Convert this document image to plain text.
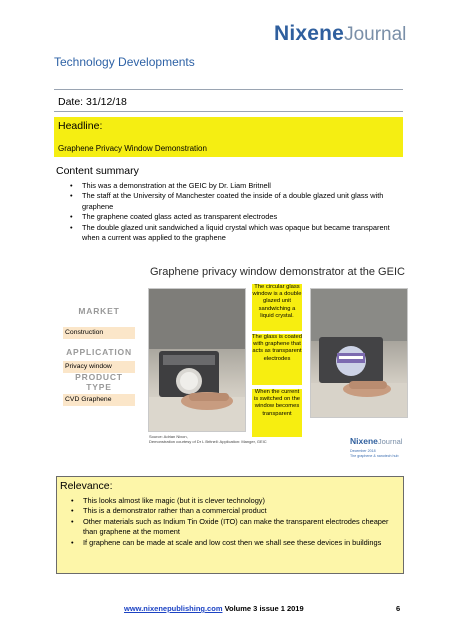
NixeneJournal
Technology Developments
Date: 31/12/18
Headline:
Graphene Privacy Window Demonstration
Content summary
• This was a demonstration at the GEIC by Dr. Liam Britnell
• The staff at the University of Manchester coated the inside of a double glazed unit glass with graphene
• The graphene coated glass acted as transparent electrodes
• The double glazed unit sandwiched a liquid crystal which was opaque but became transparent when a current was applied to the graphene
Graphene privacy window demonstrator at the GEIC
The circular glass window is a double glazed unit sandwiching a liquid crystal.
The glass is coated with graphene that acts as transparent electrodes
When the current is switched on the window becomes transparent
MARKET
Construction
APPLICATION
Privacy window
PRODUCT TYPE
CVD Graphene
Source: Adrian Nixon,
Demonstration courtesy of Dr L Britnell: Application: Manger, GEIC	NixeneJournal
December 2018
The graphene & nanotech hub
Relevance:
• This looks almost like magic (but it is clever technology)
• This is a demonstrator rather than a commercial product
• Other materials such as Indium Tin Oxide (ITO) can make the transparent electrodes cheaper than graphene at the moment
• If graphene can be made at scale and low cost then we shall see these devices in buildings
www.nixenepublishing.com Volume 3 issue 1 2019	6
